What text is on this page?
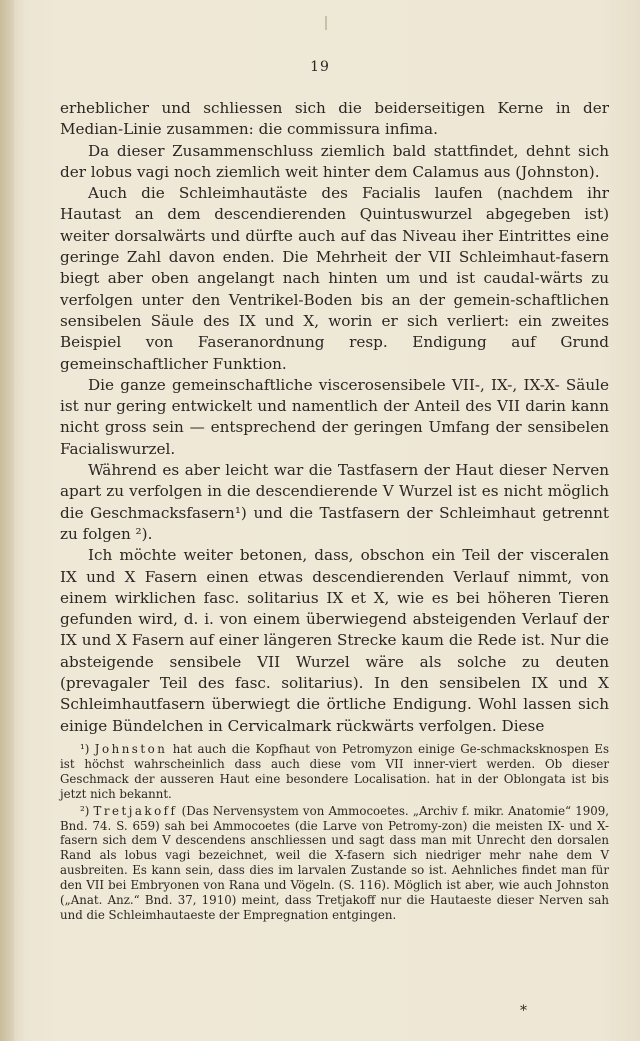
19

erheblicher und schliessen sich die beiderseitigen Kerne in der Median-Linie zusammen: die commissura infima.

Da dieser Zusammenschluss ziemlich bald stattfindet, dehnt sich der lobus vagi noch ziemlich weit hinter dem Calamus aus (Johnston).

Auch die Schleimhautäste des Facialis laufen (nachdem ihr Hautast an dem descendierenden Quintuswurzel abgegeben ist) weiter dorsalwärts und dürfte auch auf das Niveau iher Eintrittes eine geringe Zahl davon enden. Die Mehrheit der VII Schleimhaut-fasern biegt aber oben angelangt nach hinten um und ist caudal-wärts zu verfolgen unter den Ventrikel-Boden bis an der gemein-schaftlichen sensibelen Säule des IX und X, worin er sich verliert: ein zweites Beispiel von Faseranordnung resp. Endigung auf Grund gemeinschaftlicher Funktion.

Die ganze gemeinschaftliche viscerosensibele VII-, IX-, IX-X- Säule ist nur gering entwickelt und namentlich der Anteil des VII darin kann nicht gross sein — entsprechend der geringen Umfang der sensibelen Facialiswurzel.

Während es aber leicht war die Tastfasern der Haut dieser Nerven apart zu verfolgen in die descendierende V Wurzel ist es nicht möglich die Geschmacksfasern¹) und die Tastfasern der Schleimhaut getrennt zu folgen ²).

Ich möchte weiter betonen, dass, obschon ein Teil der visceralen IX und X Fasern einen etwas descendierenden Verlauf nimmt, von einem wirklichen fasc. solitarius IX et X, wie es bei höheren Tieren gefunden wird, d. i. von einem überwiegend absteigenden Verlauf der IX und X Fasern auf einer längeren Strecke kaum die Rede ist. Nur die absteigende sensibele VII Wurzel wäre als solche zu deuten (prevagaler Teil des fasc. solitarius). In den sensibelen IX und X Schleimhautfasern überwiegt die örtliche Endigung. Wohl lassen sich einige Bündelchen in Cervicalmark rückwärts verfolgen. Diese

¹) Johnston hat auch die Kopfhaut von Petromyzon einige Ge-schmacksknospen Es ist höchst wahrscheinlich dass auch diese vom VII inner-viert werden. Ob dieser Geschmack der ausseren Haut eine besondere Localisation. hat in der Oblongata ist bis jetzt nich bekannt.

²) Tretjakoff (Das Nervensystem von Ammocoetes. „Archiv f. mikr. Anatomie“ 1909, Bnd. 74. S. 659) sah bei Ammocoetes (die Larve von Petromy-zon) die meisten IX- und X-fasern sich dem V descendens anschliessen und sagt dass man mit Unrecht den dorsalen Rand als lobus vagi bezeichnet, weil die X-fasern sich niedriger mehr nahe dem V ausbreiten. Es kann sein, dass dies im larvalen Zustande so ist. Aehnliches findet man für den VII bei Embryonen von Rana und Vögeln. (S. 116). Möglich ist aber, wie auch Johnston („Anat. Anz.“ Bnd. 37, 1910) meint, dass Tretjakoff nur die Hautaeste dieser Nerven sah und die Schleimhautaeste der Empregnation entgingen.

*
